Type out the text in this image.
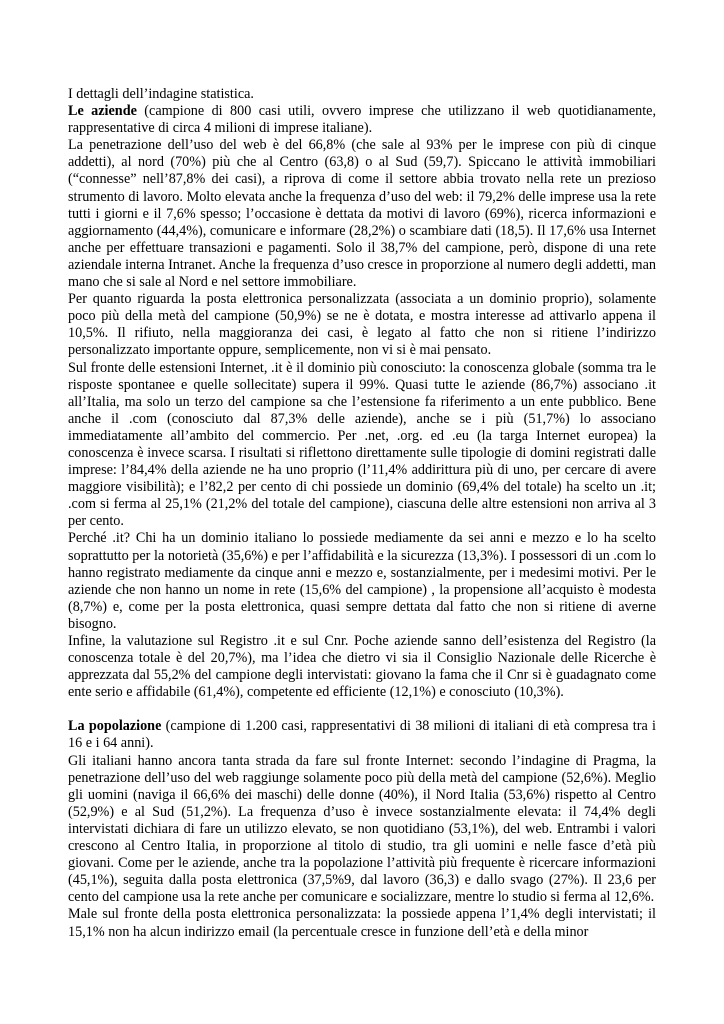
I dettagli dell’indagine statistica.

Le aziende (campione di 800 casi utili, ovvero imprese che utilizzano il web quotidianamente, rappresentative di circa 4 milioni di imprese italiane).

La penetrazione dell’uso del web è del 66,8% (che sale al 93% per le imprese con più di cinque addetti), al nord (70%) più che al Centro (63,8) o al Sud (59,7). Spiccano le attività immobiliari (“connesse” nell’87,8% dei casi), a riprova di come il settore abbia trovato nella rete un prezioso strumento di lavoro. Molto elevata anche la frequenza d’uso del web: il 79,2% delle imprese usa la rete tutti i giorni e il 7,6% spesso; l’occasione è dettata da motivi di lavoro (69%), ricerca informazioni e aggiornamento (44,4%), comunicare e informare (28,2%) o scambiare dati (18,5). Il 17,6% usa Internet anche per effettuare transazioni e pagamenti. Solo il 38,7% del campione, però, dispone di una rete aziendale interna Intranet. Anche la frequenza d’uso cresce in proporzione al numero degli addetti, man mano che si sale al Nord e nel settore immobiliare.

Per quanto riguarda la posta elettronica personalizzata (associata a un dominio proprio), solamente poco più della metà del campione (50,9%) se ne è dotata, e mostra interesse ad attivarlo appena il 10,5%. Il rifiuto, nella maggioranza dei casi, è legato al fatto che non si ritiene l’indirizzo personalizzato importante oppure, semplicemente, non vi si è mai pensato.

Sul fronte delle estensioni Internet, .it è il dominio più conosciuto: la conoscenza globale (somma tra le risposte spontanee e quelle sollecitate) supera il 99%. Quasi tutte le aziende (86,7%) associano .it all’Italia, ma solo un terzo del campione sa che l’estensione fa riferimento a un ente pubblico. Bene anche il .com (conosciuto dal 87,3% delle aziende), anche se i più (51,7%) lo associano immediatamente all’ambito del commercio. Per .net, .org. ed .eu (la targa Internet europea) la conoscenza è invece scarsa. I risultati si riflettono direttamente sulle tipologie di domini registrati dalle imprese: l’84,4% della aziende ne ha uno proprio (l’11,4% addirittura più di uno, per cercare di avere maggiore visibilità); e l’82,2 per cento di chi possiede un dominio (69,4% del totale) ha scelto un .it; .com si ferma al 25,1% (21,2% del totale del campione), ciascuna delle altre estensioni non arriva al 3 per cento.

Perché .it? Chi ha un dominio italiano lo possiede mediamente da sei anni e mezzo e lo ha scelto soprattutto per la notorietà (35,6%) e per l’affidabilità e la sicurezza (13,3%). I possessori di un .com lo hanno registrato mediamente da cinque anni e mezzo e, sostanzialmente, per i medesimi motivi. Per le aziende che non hanno un nome in rete (15,6% del campione) , la propensione all’acquisto è modesta (8,7%) e, come per la posta elettronica, quasi sempre dettata dal fatto che non si ritiene di averne bisogno.

Infine, la valutazione sul Registro .it e sul Cnr. Poche aziende sanno dell’esistenza del Registro (la conoscenza totale è del 20,7%), ma l’idea che dietro vi sia il Consiglio Nazionale delle Ricerche è apprezzata dal 55,2% del campione degli intervistati: giovano la fama che il Cnr si è guadagnato come ente serio e affidabile (61,4%), competente ed efficiente (12,1%) e conosciuto (10,3%).

La popolazione (campione di 1.200 casi, rappresentativi di 38 milioni di italiani di età compresa tra i 16 e i 64 anni).

Gli italiani hanno ancora tanta strada da fare sul fronte Internet: secondo l’indagine di Pragma, la penetrazione dell’uso del web raggiunge solamente poco più della metà del campione (52,6%). Meglio gli uomini (naviga il 66,6% dei maschi) delle donne (40%), il Nord Italia (53,6%) rispetto al Centro (52,9%) e al Sud (51,2%). La frequenza d’uso è invece sostanzialmente elevata: il 74,4% degli intervistati dichiara di fare un utilizzo elevato, se non quotidiano (53,1%), del web. Entrambi i valori crescono al Centro Italia, in proporzione al titolo di studio, tra gli uomini e nelle fasce d’età più giovani. Come per le aziende, anche tra la popolazione l’attività più frequente è ricercare informazioni (45,1%), seguita dalla posta elettronica (37,5%9, dal lavoro (36,3) e dallo svago (27%). Il 23,6 per cento del campione usa la rete anche per comunicare e socializzare, mentre lo studio si ferma al 12,6%.

Male sul fronte della posta elettronica personalizzata: la possiede appena l’1,4% degli intervistati; il 15,1% non ha alcun indirizzo email (la percentuale cresce in funzione dell’età e della minor
